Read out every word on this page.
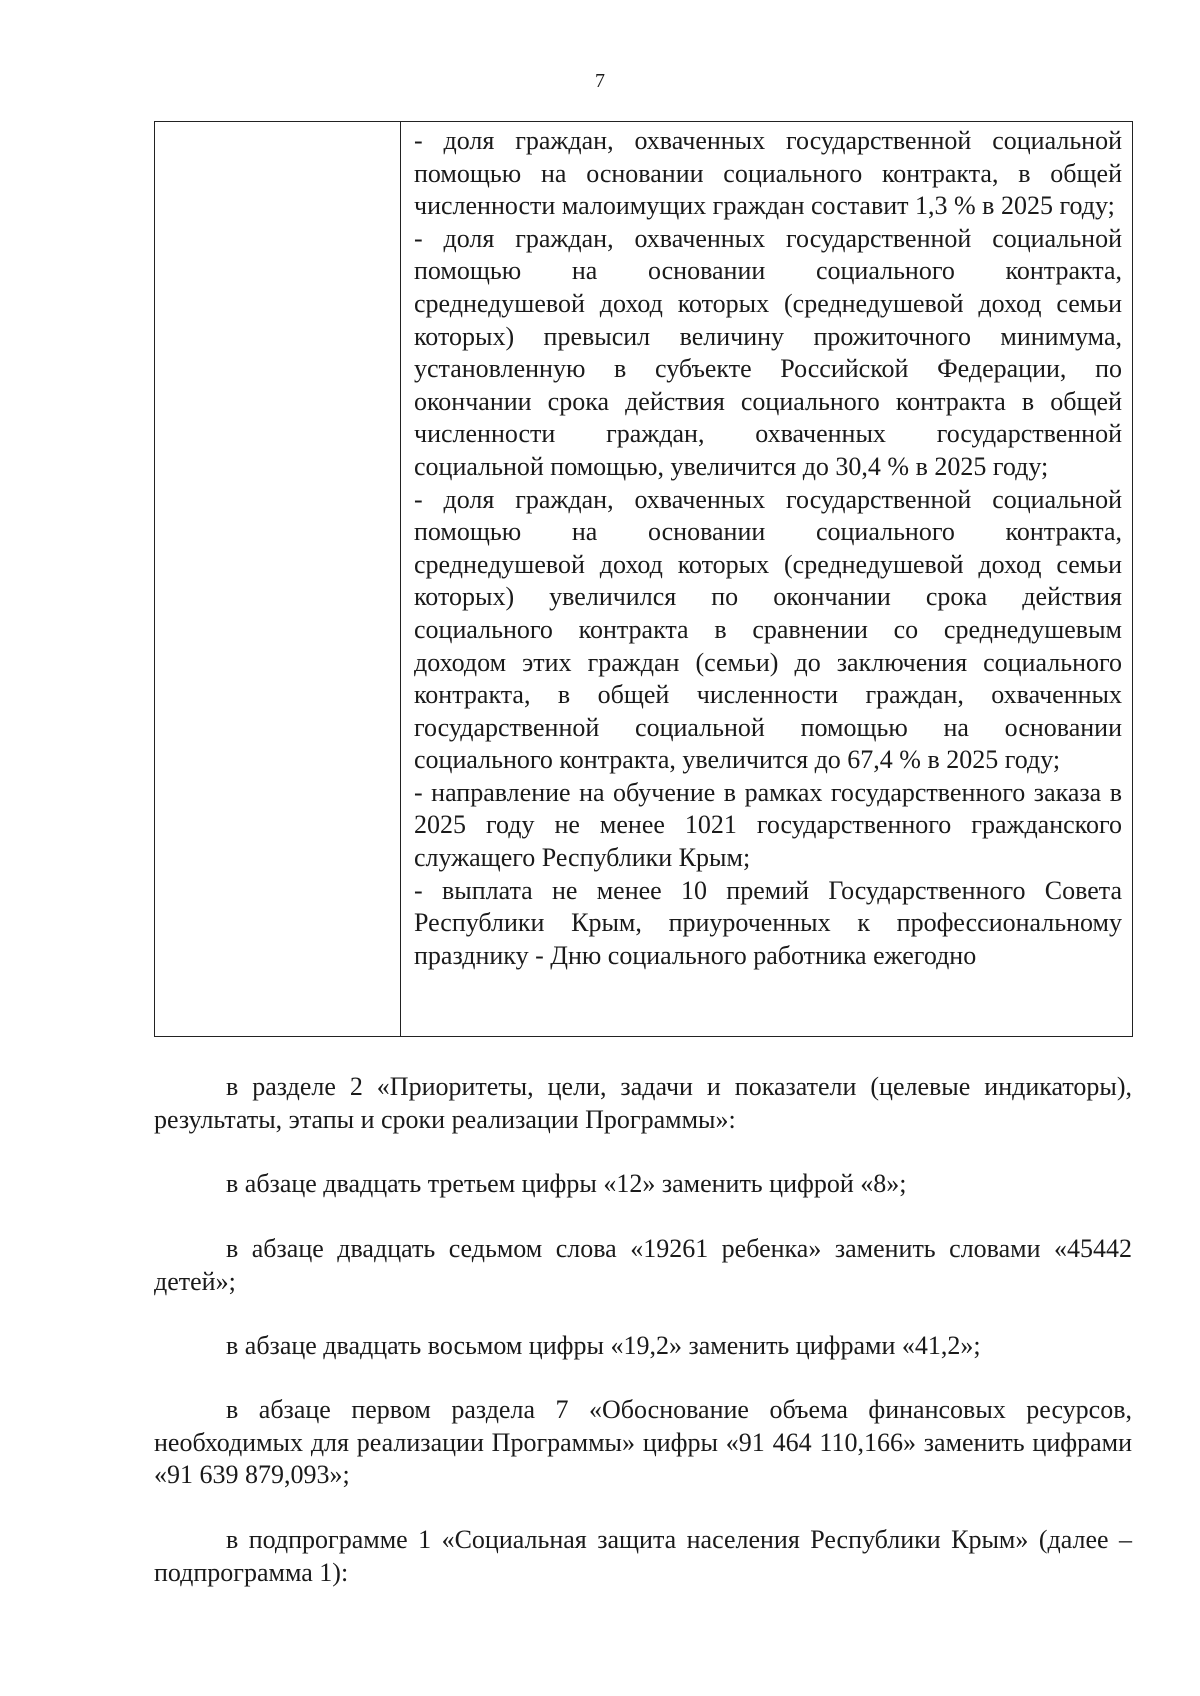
7

- доля граждан, охваченных государственной социальной помощью на основании социального контракта, в общей численности малоимущих граждан составит 1,3 % в 2025 году;

- доля граждан, охваченных государственной социальной помощью на основании социального контракта, среднедушевой доход которых (среднедушевой доход семьи которых) превысил величину прожиточного минимума, установленную в субъекте Российской Федерации, по окончании срока действия социального контракта в общей численности граждан, охваченных государственной социальной помощью, увеличится до 30,4 % в 2025 году;

- доля граждан, охваченных государственной социальной помощью на основании социального контракта, среднедушевой доход которых (среднедушевой доход семьи которых) увеличился по окончании срока действия социального контракта в сравнении со среднедушевым доходом этих граждан (семьи) до заключения социального контракта, в общей численности граждан, охваченных государственной социальной помощью на основании социального контракта, увеличится до 67,4 % в 2025 году;

- направление на обучение в рамках государственного заказа в 2025 году не менее 1021 государственного гражданского служащего Республики Крым;

- выплата не менее 10 премий Государственного Совета Республики Крым, приуроченных к профессиональному празднику - Дню социального работника ежегодно

в разделе 2 «Приоритеты, цели, задачи и показатели (целевые индикаторы), результаты, этапы и сроки реализации Программы»:

в абзаце двадцать третьем цифры «12» заменить цифрой «8»;

в абзаце двадцать седьмом слова «19261 ребенка» заменить словами «45442 детей»;

в абзаце двадцать восьмом цифры «19,2» заменить цифрами «41,2»;

в абзаце первом раздела 7 «Обоснование объема финансовых ресурсов, необходимых для реализации Программы» цифры «91 464 110,166» заменить цифрами «91 639 879,093»;

в подпрограмме 1 «Социальная защита населения Республики Крым» (далее – подпрограмма 1):
